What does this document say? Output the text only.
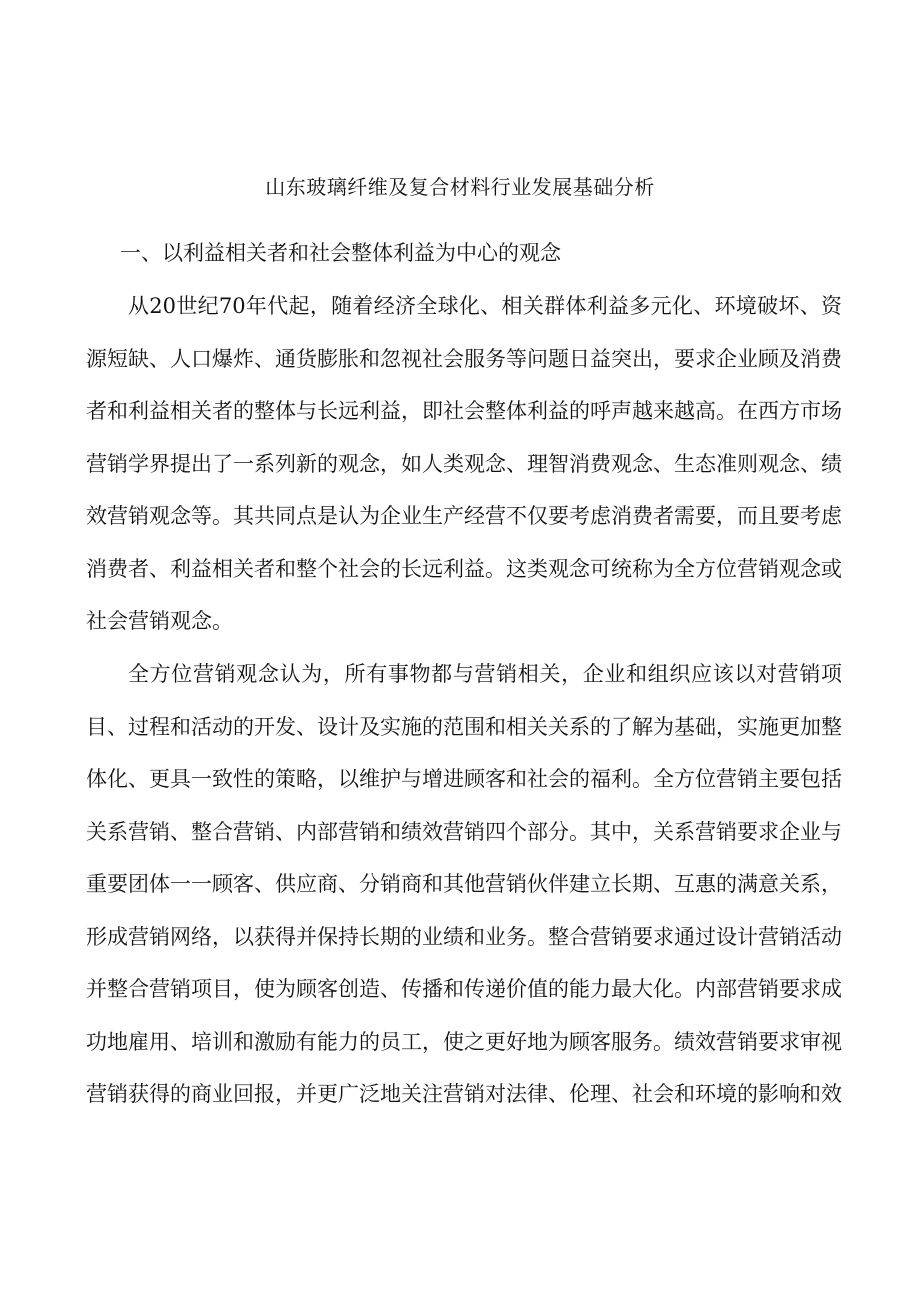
山东玻璃纤维及复合材料行业发展基础分析
一、以利益相关者和社会整体利益为中心的观念

从20世纪70年代起，随着经济全球化、相关群体利益多元化、环境破坏、资源短缺、人口爆炸、通货膨胀和忽视社会服务等问题日益突出，要求企业顾及消费者和利益相关者的整体与长远利益，即社会整体利益的呼声越来越高。在西方市场营销学界提出了一系列新的观念，如人类观念、理智消费观念、生态准则观念、绩效营销观念等。其共同点是认为企业生产经营不仅要考虑消费者需要，而且要考虑消费者、利益相关者和整个社会的长远利益。这类观念可统称为全方位营销观念或社会营销观念。

全方位营销观念认为，所有事物都与营销相关，企业和组织应该以对营销项目、过程和活动的开发、设计及实施的范围和相关关系的了解为基础，实施更加整体化、更具一致性的策略，以维护与增进顾客和社会的福利。全方位营销主要包括关系营销、整合营销、内部营销和绩效营销四个部分。其中，关系营销要求企业与重要团体一一顾客、供应商、分销商和其他营销伙伴建立长期、互惠的满意关系，形成营销网络，以获得并保持长期的业绩和业务。整合营销要求通过设计营销活动并整合营销项目，使为顾客创造、传播和传递价值的能力最大化。内部营销要求成功地雇用、培训和激励有能力的员工，使之更好地为顾客服务。绩效营销要求审视营销获得的商业回报，并更广泛地关注营销对法律、伦理、社会和环境的影响和效
